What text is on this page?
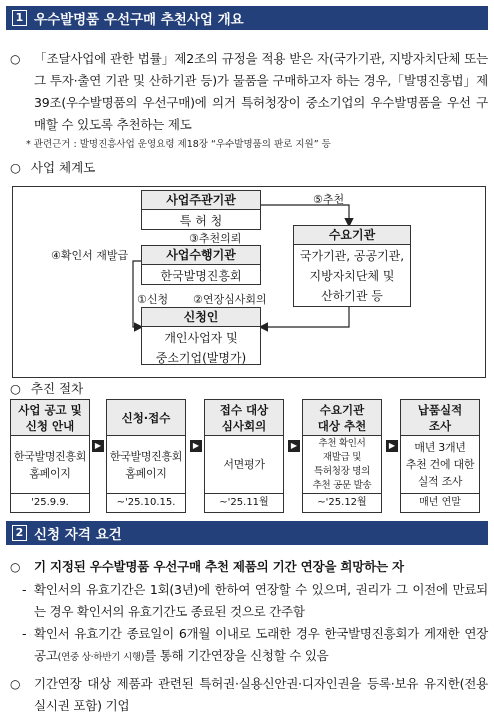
1 우수발명품 우선구매 추천사업 개요
○	「조달사업에 관한 법률」제2조의 규정을 적용 받은 자(국가기관, 지방자치단체 또는 그 투자·출연 기관 및 산하기관 등)가 물품을 구매하고자 하는 경우,「발명진흥법」제39조(우수발명품의 우선구매)에 의거 특허청장이 중소기업의 우수발명품을 우선 구매할 수 있도록 추천하는 제도
* 관련근거 : 발명진흥사업 운영요령 제18장 “우수발명품의 판로 지원” 등
○ 사업 체계도
사업주관기관
특 허 청
⑤추천
③추천의뢰
사업수행기관
한국발명진흥회
④확인서 재발급
①신청 ②연장심사회의
신청인
개인사업자 및
중소기업(발명가)
수요기관
국가기관, 공공기관,
지방자치단체 및
산하기관 등
○ 추진 절차
사업 공고 및
신청 안내
한국발명진흥회
홈페이지
'25.9.9.
▶
신청·접수
한국발명진흥회
홈페이지
~'25.10.15.
▶
접수 대상
심사회의
서면평가
~'25.11월
▶
수요기관
대상 추천
추천 확인서
재발급 및
특허청장 명의
추천 공문 발송
~'25.12월
▶
납품실적
조사
매년 3개년
추천 건에 대한
실적 조사
매년 연말
2 신청 자격 요건
○	기 지정된 우수발명품 우선구매 추천 제품의 기간 연장을 희망하는 자
- 확인서의 유효기간은 1회(3년)에 한하여 연장할 수 있으며, 권리가 그 이전에 만료되는 경우 확인서의 유효기간도 종료된 것으로 간주함
- 확인서 유효기간 종료일이 6개월 이내로 도래한 경우 한국발명진흥회가 게재한 연장 공고(연중 상·하반기 시행)를 통해 기간연장을 신청할 수 있음
○	기간연장 대상 제품과 관련된 특허권·실용신안권·디자인권을 등록·보유 유지한(전용실시권 포함) 기업
